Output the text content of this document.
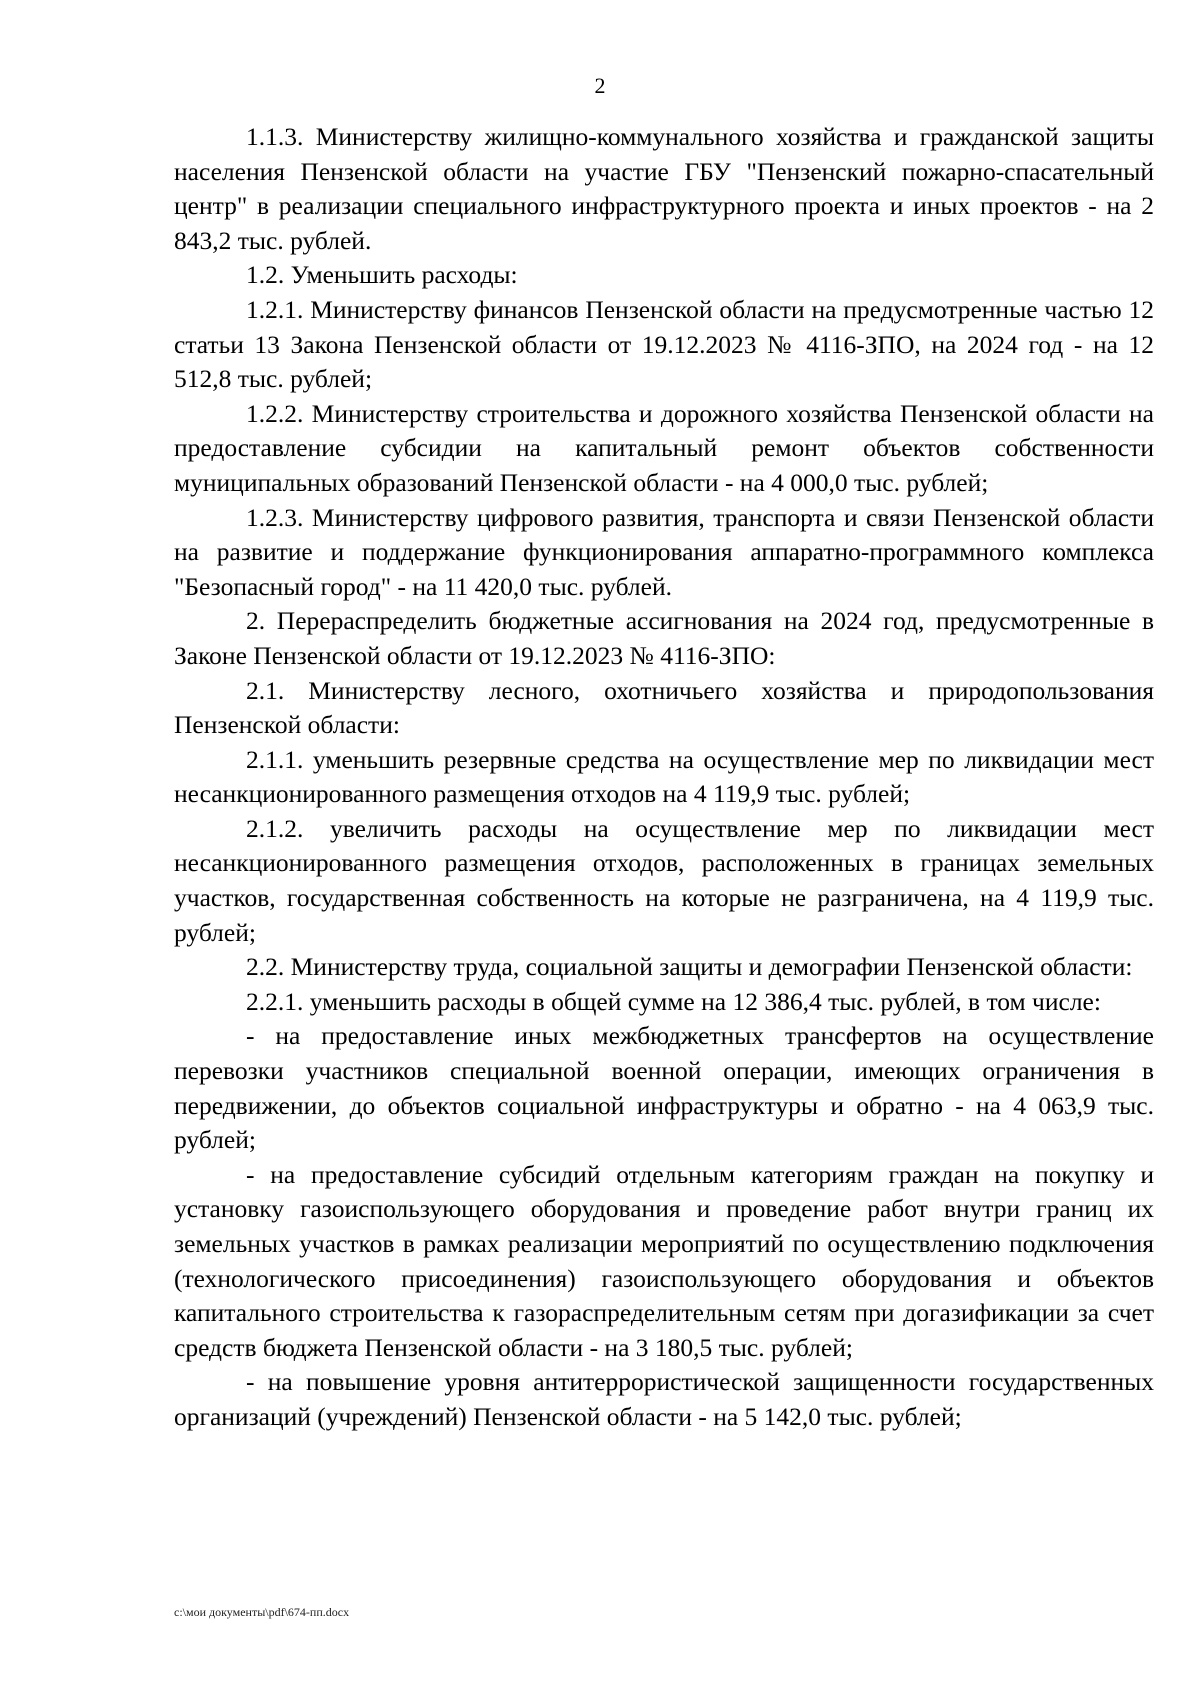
2

1.1.3. Министерству жилищно-коммунального хозяйства и гражданской защиты населения Пензенской области на участие ГБУ "Пензенский пожарно-спасательный центр" в реализации специального инфраструктурного проекта и иных проектов - на 2 843,2 тыс. рублей.

1.2. Уменьшить расходы:

1.2.1. Министерству финансов Пензенской области на предусмотренные частью 12 статьи 13 Закона Пензенской области от 19.12.2023 № 4116-ЗПО, на 2024 год - на 12 512,8 тыс. рублей;

1.2.2. Министерству строительства и дорожного хозяйства Пензенской области на предоставление субсидии на капитальный ремонт объектов собственности муниципальных образований Пензенской области - на 4 000,0 тыс. рублей;

1.2.3. Министерству цифрового развития, транспорта и связи Пензенской области на развитие и поддержание функционирования аппаратно-программного комплекса "Безопасный город" - на 11 420,0 тыс. рублей.

2. Перераспределить бюджетные ассигнования на 2024 год, предусмотренные в Законе Пензенской области от 19.12.2023 № 4116-ЗПО:

2.1. Министерству лесного, охотничьего хозяйства и природопользования Пензенской области:

2.1.1. уменьшить резервные средства на осуществление мер по ликвидации мест несанкционированного размещения отходов на 4 119,9 тыс. рублей;

2.1.2. увеличить расходы на осуществление мер по ликвидации мест несанкционированного размещения отходов, расположенных в границах земельных участков, государственная собственность на которые не разграничена, на 4 119,9 тыс. рублей;

2.2. Министерству труда, социальной защиты и демографии Пензенской области:

2.2.1. уменьшить расходы в общей сумме на 12 386,4 тыс. рублей, в том числе:

- на предоставление иных межбюджетных трансфертов на осуществление перевозки участников специальной военной операции, имеющих ограничения в передвижении, до объектов социальной инфраструктуры и обратно - на 4 063,9 тыс. рублей;

- на предоставление субсидий отдельным категориям граждан на покупку и установку газоиспользующего оборудования и проведение работ внутри границ их земельных участков в рамках реализации мероприятий по осуществлению подключения (технологического присоединения) газоиспользующего оборудования и объектов капитального строительства к газораспределительным сетям при догазификации за счет средств бюджета Пензенской области - на 3 180,5 тыс. рублей;

- на повышение уровня антитеррористической защищенности государственных организаций (учреждений) Пензенской области - на 5 142,0 тыс. рублей;

c:\мои документы\pdf\674-пп.docx
